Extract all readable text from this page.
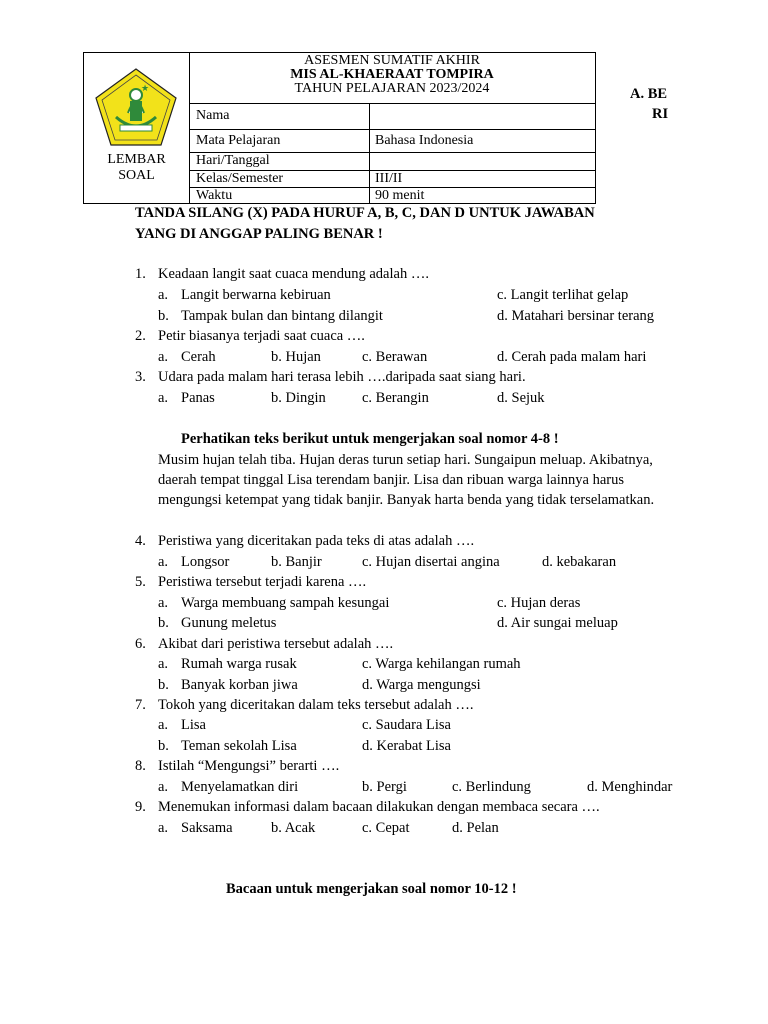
★
LEMBAR
SOAL
ASESMEN SUMATIF AKHIR
MIS AL-KHAERAAT TOMPIRA
TAHUN PELAJARAN 2023/2024
Nama
Mata Pelajaran	Bahasa Indonesia
Hari/Tanggal
Kelas/Semester	III/II
Waktu	90 menit
A. BE
RI
TANDA SILANG (X) PADA HURUF A, B, C, DAN D UNTUK JAWABAN
YANG DI ANGGAP PALING BENAR !
1. Keadaan langit saat cuaca mendung adalah ….
a. Langit berwarna kebiruan	c. Langit terlihat gelap
b. Tampak bulan dan bintang dilangit	d. Matahari bersinar terang
2. Petir biasanya terjadi saat cuaca ….
a. Cerah	b. Hujan	c. Berawan	d. Cerah pada malam hari
3. Udara pada malam hari terasa lebih ….daripada saat siang hari.
a. Panas	b. Dingin c. Berangin	d. Sejuk
Perhatikan teks berikut untuk mengerjakan soal nomor 4-8 !
Musim hujan telah tiba. Hujan deras turun setiap hari. Sungaipun meluap. Akibatnya,
daerah tempat tinggal Lisa terendam banjir. Lisa dan ribuan warga lainnya harus
mengungsi ketempat yang tidak banjir. Banyak harta benda yang tidak terselamatkan.
4. Peristiwa yang diceritakan pada teks di atas adalah ….
a. Longsor	b. Banjir	c. Hujan disertai angina	d. kebakaran
5. Peristiwa tersebut terjadi karena ….
a. Warga membuang sampah kesungai	c. Hujan deras
b. Gunung meletus	d. Air sungai meluap
6. Akibat dari peristiwa tersebut adalah ….
a. Rumah warga rusak	c. Warga kehilangan rumah
b. Banyak korban jiwa	d. Warga mengungsi
7. Tokoh yang diceritakan dalam teks tersebut adalah ….
a. Lisa	c. Saudara Lisa
b. Teman sekolah Lisa	d. Kerabat Lisa
8. Istilah “Mengungsi” berarti ….
a. Menyelamatkan diri	b. Pergi	c. Berlindung	d. Menghindar
9. Menemukan informasi dalam bacaan dilakukan dengan membaca secara ….
a. Saksama	b. Acak	c. Cepat	d. Pelan
Bacaan untuk mengerjakan soal nomor 10-12 !
